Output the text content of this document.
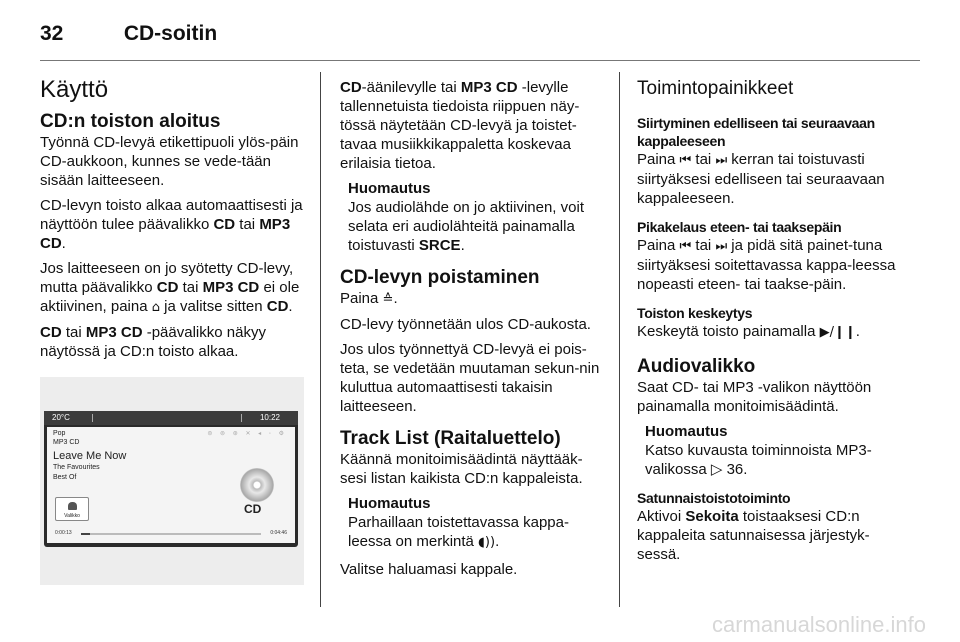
32	CD-soitin
Käyttö
CD:n toiston aloitus

Työnnä CD-levyä etikettipuoli ylös-päin CD-aukkoon, kunnes se vede-tään sisään laitteeseen.

CD-levyn toisto alkaa automaattisesti ja näyttöön tulee päävalikko CD tai MP3 CD.

Jos laitteeseen on jo syötetty CD-levy, mutta päävalikko CD tai MP3 CD ei ole aktiivinen, paina ⌂ ja valitse sitten CD.

CD tai MP3 CD -päävalikko näkyy näytössä ja CD:n toisto alkaa.

20°C	10:22
Pop
MP3 CD
Leave Me Now
The Favourites
Best Of
⊜ ⊚ ⊛ ✕ ◂ ◦ ⚙
CD
Valikko
0:00:13	0:04:46

CD-äänilevylle tai MP3 CD -levylle tallennetuista tiedoista riippuen näy-tössä näytetään CD-levyä ja toistet-tavaa musiikkikappaletta koskevaa erilaisia tietoa.

Huomautus
Jos audiolähde on jo aktiivinen, voit selata eri audiolähteitä painamalla toistuvasti SRCE.
CD-levyn poistaminen

Paina ≙.

CD-levy työnnetään ulos CD-aukosta.

Jos ulos työnnettyä CD-levyä ei pois-teta, se vedetään muutaman sekun-nin kuluttua automaattisesti takaisin laitteeseen.

Track List (Raitaluettelo)

Käännä monitoimisäädintä näyttääk-sesi listan kaikista CD:n kappaleista.

Huomautus
Parhaillaan toistettavassa kappa-leessa on merkintä ◖)).

Valitse haluamasi kappale.

Toimintopainikkeet
Siirtyminen edelliseen tai seuraavaan kappaleeseen

Paina ⏮ tai ⏭ kerran tai toistuvasti siirtyäksesi edelliseen tai seuraavaan kappaleeseen.

Pikakelaus eteen- tai taaksepäin

Paina ⏮ tai ⏭ ja pidä sitä painet-tuna siirtyäksesi soitettavassa kappa-leessa nopeasti eteen- tai taakse-päin.

Toiston keskeytys

Keskeytä toisto painamalla ▶/❙❙.

Audiovalikko

Saat CD- tai MP3 -valikon näyttöön painamalla monitoimisäädintä.

Huomautus
Katso kuvausta toiminnoista MP3-valikossa ▷ 36.
Satunnaistoistotoiminto

Aktivoi Sekoita toistaaksesi CD:n kappaleita satunnaisessa järjestyk-sessä.

carmanualsonline.info
